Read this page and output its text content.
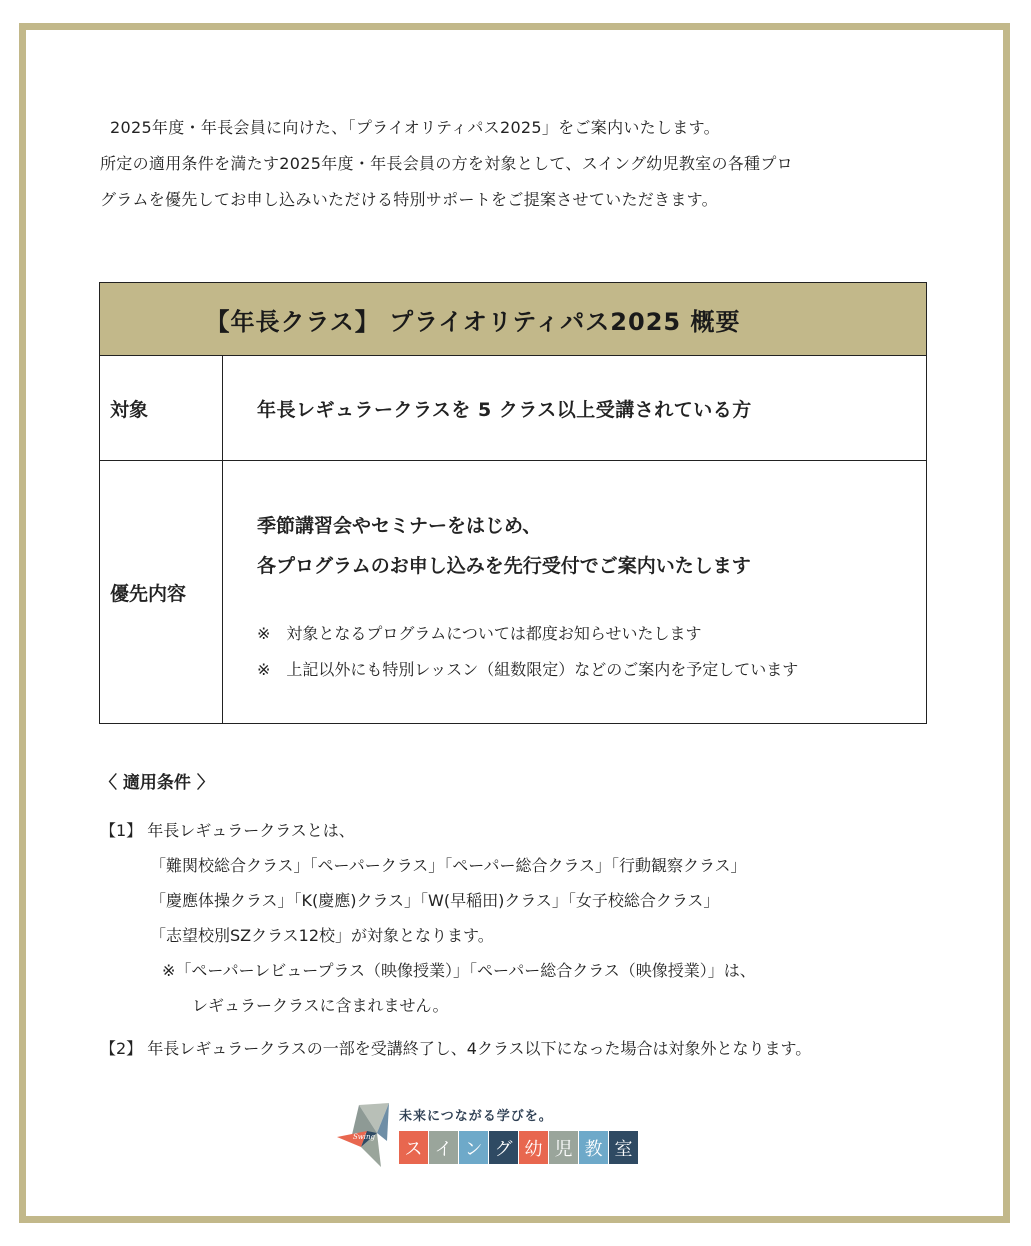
2025年度・年長会員に向けた、「プライオリティパス2025」をご案内いたします。

所定の適用条件を満たす2025年度・年長会員の方を対象として、スイング幼児教室の各種プロ

グラムを優先してお申し込みいただける特別サポートをご提案させていただきます。

【年長クラス】 プライオリティパス2025 概要	
対象	年長レギュラークラスを 5 クラス以上受講されている方
優先内容	季節講習会やセミナーをはじめ、
各プログラムのお申し込みを先行受付でご案内いたします
※　対象となるプログラムについては都度お知らせいたします
※　上記以外にも特別レッスン（組数限定）などのご案内を予定しています
〈 適用条件 〉
【1】 年長レギュラークラスとは、
「難関校総合クラス」「ペーパークラス」「ペーパー総合クラス」「行動観察クラス」
「慶應体操クラス」「K(慶應)クラス」「W(早稲田)クラス」「女子校総合クラス」
「志望校別SZクラス12校」が対象となります。
※「ペーパーレビュープラス（映像授業）」「ペーパー総合クラス（映像授業）」は、
レギュラークラスに含まれません。
【2】 年長レギュラークラスの一部を受講終了し、4クラス以下になった場合は対象外となります。
Swing
未来につながる学びを。
ス イ ン グ 幼 児 教 室
